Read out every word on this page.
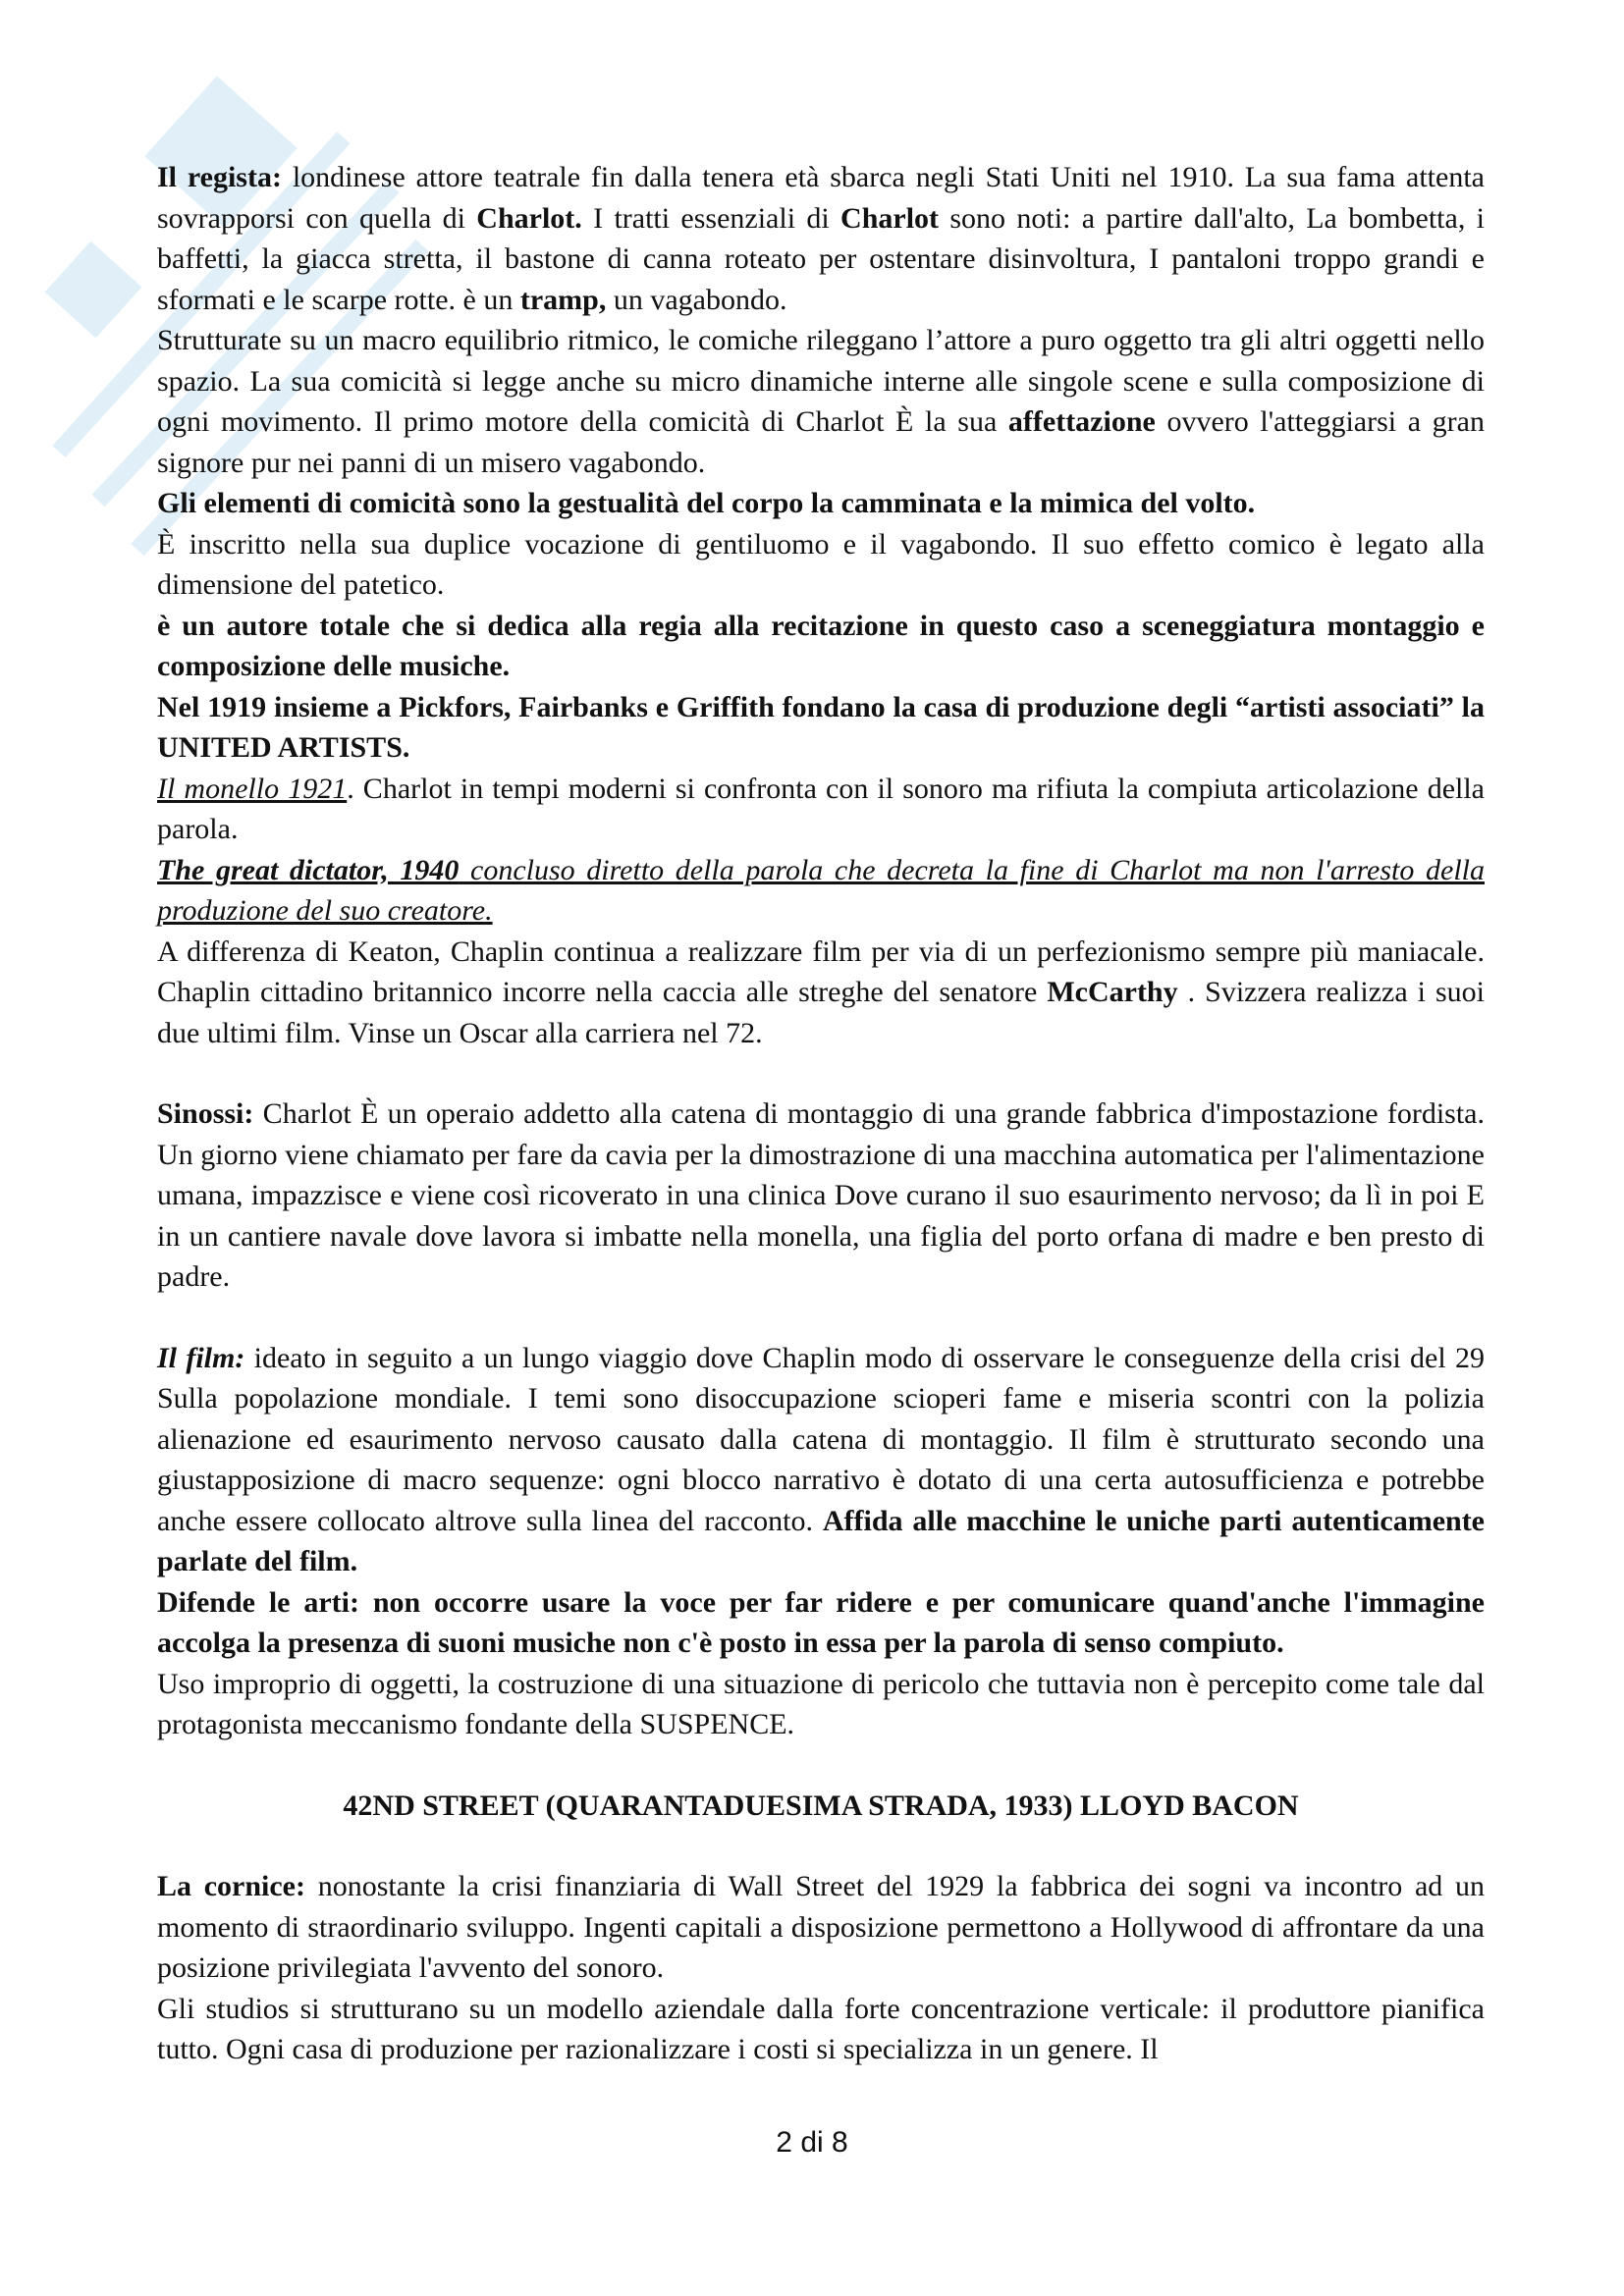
Il regista: londinese attore teatrale fin dalla tenera età sbarca negli Stati Uniti nel 1910. La sua fama attenta sovrapporsi con quella di Charlot. I tratti essenziali di Charlot sono noti: a partire dall'alto, La bombetta, i baffetti, la giacca stretta, il bastone di canna roteato per ostentare disinvoltura, I pantaloni troppo grandi e sformati e le scarpe rotte. è un tramp, un vagabondo.

Strutturate su un macro equilibrio ritmico, le comiche rileggano l’attore a puro oggetto tra gli altri oggetti nello spazio. La sua comicità si legge anche su micro dinamiche interne alle singole scene e sulla composizione di ogni movimento. Il primo motore della comicità di Charlot È la sua affettazione ovvero l'atteggiarsi a gran signore pur nei panni di un misero vagabondo.

Gli elementi di comicità sono la gestualità del corpo la camminata e la mimica del volto.

È inscritto nella sua duplice vocazione di gentiluomo e il vagabondo. Il suo effetto comico è legato alla dimensione del patetico.

è un autore totale che si dedica alla regia alla recitazione in questo caso a sceneggiatura montaggio e composizione delle musiche.

Nel 1919 insieme a Pickfors, Fairbanks e Griffith fondano la casa di produzione degli “artisti associati” la UNITED ARTISTS.

Il monello 1921. Charlot in tempi moderni si confronta con il sonoro ma rifiuta la compiuta articolazione della parola.

The great dictator, 1940 concluso diretto della parola che decreta la fine di Charlot ma non l'arresto della produzione del suo creatore.

A differenza di Keaton, Chaplin continua a realizzare film per via di un perfezionismo sempre più maniacale. Chaplin cittadino britannico incorre nella caccia alle streghe del senatore McCarthy . Svizzera realizza i suoi due ultimi film. Vinse un Oscar alla carriera nel 72.

Sinossi: Charlot È un operaio addetto alla catena di montaggio di una grande fabbrica d'impostazione fordista. Un giorno viene chiamato per fare da cavia per la dimostrazione di una macchina automatica per l'alimentazione umana, impazzisce e viene così ricoverato in una clinica Dove curano il suo esaurimento nervoso; da lì in poi E in un cantiere navale dove lavora si imbatte nella monella, una figlia del porto orfana di madre e ben presto di padre.

Il film: ideato in seguito a un lungo viaggio dove Chaplin modo di osservare le conseguenze della crisi del 29 Sulla popolazione mondiale. I temi sono disoccupazione scioperi fame e miseria scontri con la polizia alienazione ed esaurimento nervoso causato dalla catena di montaggio. Il film è strutturato secondo una giustapposizione di macro sequenze: ogni blocco narrativo è dotato di una certa autosufficienza e potrebbe anche essere collocato altrove sulla linea del racconto. Affida alle macchine le uniche parti autenticamente parlate del film.

Difende le arti: non occorre usare la voce per far ridere e per comunicare quand'anche l'immagine accolga la presenza di suoni musiche non c'è posto in essa per la parola di senso compiuto.

Uso improprio di oggetti, la costruzione di una situazione di pericolo che tuttavia non è percepito come tale dal protagonista meccanismo fondante della SUSPENCE.

42ND STREET (QUARANTADUESIMA STRADA, 1933) LLOYD BACON

La cornice: nonostante la crisi finanziaria di Wall Street del 1929 la fabbrica dei sogni va incontro ad un momento di straordinario sviluppo. Ingenti capitali a disposizione permettono a Hollywood di affrontare da una posizione privilegiata l'avvento del sonoro.

Gli studios si strutturano su un modello aziendale dalla forte concentrazione verticale: il produttore pianifica tutto. Ogni casa di produzione per razionalizzare i costi si specializza in un genere. Il

2 di 8
